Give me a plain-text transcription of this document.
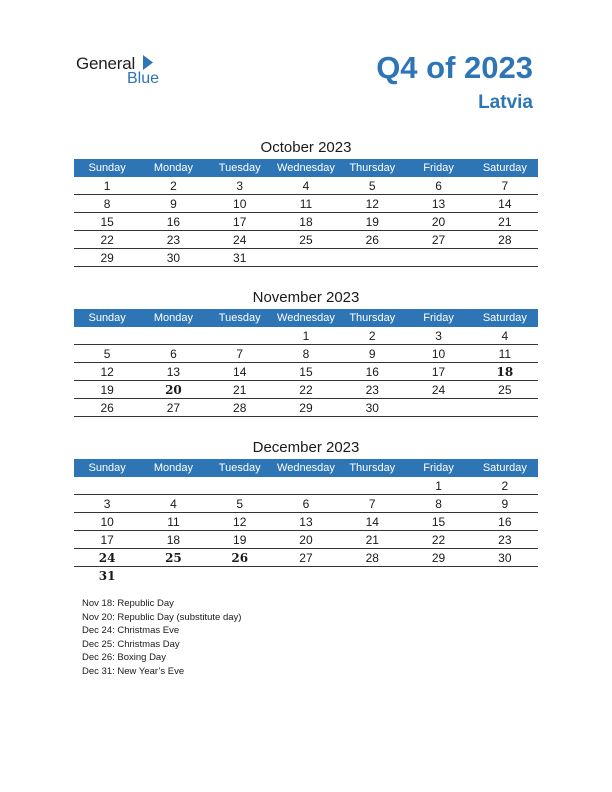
General
Blue	Q4 of 2023
Latvia
October 2023
Sunday	Monday	Tuesday	Wednesday	Thursday	Friday	Saturday
1	2	3	4	5	6	7
8	9	10	11	12	13	14
15	16	17	18	19	20	21
22	23	24	25	26	27	28
29	30	31				
November 2023
Sunday	Monday	Tuesday	Wednesday	Thursday	Friday	Saturday
			1	2	3	4
5	6	7	8	9	10	11
12	13	14	15	16	17	18
19	20	21	22	23	24	25
26	27	28	29	30		
December 2023
Sunday	Monday	Tuesday	Wednesday	Thursday	Friday	Saturday
					1	2
3	4	5	6	7	8	9
10	11	12	13	14	15	16
17	18	19	20	21	22	23
24	25	26	27	28	29	30
31						
Nov 18: Republic Day
Nov 20: Republic Day (substitute day)
Dec 24: Christmas Eve
Dec 25: Christmas Day
Dec 26: Boxing Day
Dec 31: New Year’s Eve
